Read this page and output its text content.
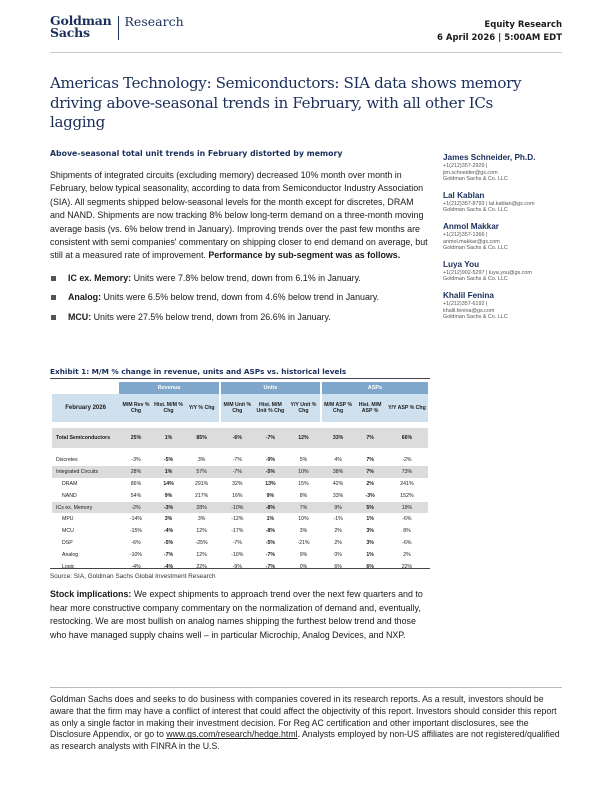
Goldman
Sachs
Research	Equity Research
6 April 2026 | 5:00AM EDT
Americas Technology: Semiconductors: SIA data shows memory driving above-seasonal trends in February, with all other ICs lagging
Above-seasonal total unit trends in February distorted by memory

Shipments of integrated circuits (excluding memory) decreased 10% month over month in February, below typical seasonality, according to data from Semiconductor Industry Association (SIA). All segments shipped below-seasonal levels for the month except for discretes, DRAM and NAND. Shipments are now tracking 8% below long-term demand on a three-month moving average basis (vs. 6% below trend in January). Improving trends over the past few months are consistent with semi companies' commentary on shipping closer to end demand on average, but still at a measured rate of improvement. Performance by sub-segment was as follows.

IC ex. Memory: Units were 7.8% below trend, down from 6.1% in January.
Analog: Units were 6.5% below trend, down from 4.6% below trend in January.
MCU: Units were 27.5% below trend, down from 26.6% in January.
Exhibit 1: M/M % change in revenue, units and ASPs vs. historical levels
	Revenue				Units				ASPs		
February 2026	M/M Rev % Chg	Hist. M/M % Chg	Y/Y % Chg		M/M Unit % Chg	Hist. M/M Unit % Chg	Y/Y Unit % Chg		M/M ASP % Chg	Hist. M/M ASP %	Y/Y ASP % Chg

Total Semiconductors	25%	1%	85%		-6%	-7%	12%		33%	7%	66%

Discretes	-3%	-5%	3%		-7%	-9%	5%		4%	7%	-2%
Integrated Circuits	28%	1%	57%		-7%	-5%	10%		38%	7%	73%
DRAM	86%	14%	291%		32%	13%	15%		42%	2%	241%
NAND	54%	9%	217%		16%	9%	8%		33%	-3%	152%
ICs ex. Memory	-2%	-3%	28%		-10%	-8%	7%		9%	5%	19%
MPU	-14%	3%	3%		-12%	1%	10%		-1%	1%	-6%
MCU	-15%	-4%	12%		-17%	-8%	3%		2%	3%	8%
DSP	-6%	-5%	-25%		-7%	-5%	-21%		2%	3%	-6%
Analog	-10%	-7%	12%		-10%	-7%	9%		0%	1%	2%
Logic	-4%	-4%	22%		-9%	-7%	0%		6%	6%	22%
Source: SIA, Goldman Sachs Global Investment Research

Stock implications: We expect shipments to approach trend over the next few quarters and to hear more constructive company commentary on the normalization of demand and, eventually, restocking. We are most bullish on analog names shipping the furthest below trend and those who have managed supply chains well – in particular Microchip, Analog Devices, and NXP.

James Schneider, Ph.D.
+1(212)357-2929 |
jim.schneider@gs.com
Goldman Sachs & Co. LLC
Lal Kablan
+1(212)357-8793 | lal.kablan@gs.com
Goldman Sachs & Co. LLC
Anmol Makkar
+1(212)357-1366 |
anmol.makkar@gs.com
Goldman Sachs & Co. LLC
Luya You
+1(212)902-5297 | luya.you@gs.com
Goldman Sachs & Co. LLC
Khalil Fenina
+1(212)357-6192 |
khalil.fenina@gs.com
Goldman Sachs & Co. LLC

Goldman Sachs does and seeks to do business with companies covered in its research reports. As a result, investors should be aware that the firm may have a conflict of interest that could affect the objectivity of this report. Investors should consider this report as only a single factor in making their investment decision. For Reg AC certification and other important disclosures, see the Disclosure Appendix, or go to www.gs.com/research/hedge.html. Analysts employed by non-US affiliates are not registered/qualified as research analysts with FINRA in the U.S.
